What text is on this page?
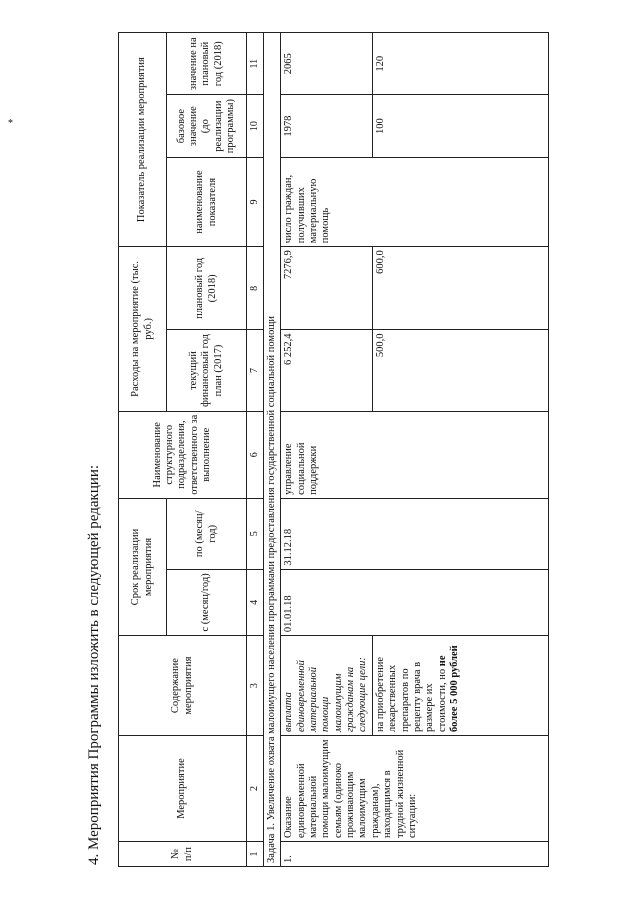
*
4. Мероприятия Программы изложить в следующей редакции:	№ п/п	Мероприятие	Содержание мероприятия	Срок реализации мероприятия		Наименование структурного подразделения, ответственного за выполнение	Расходы на мероприятие (тыс. руб.)		Показатель реализации мероприятия		
			с (месяц/год)	по (месяц/год)		текущий финансовый год план (2017)	плановый год (2018)	наименование показателя	базовое значение (до реализации программы)	значение на плановый год (2018)
1	2	3	4	5	6	7	8	9	10	11
Задача 1. Увеличение охвата малоимущего населения программами предоставления государственной социальной помощи										
1.	Оказание единовременной материальной помощи малоимущим семьям (одиноко проживающим малоимущим гражданам), находящимся в трудной жизненной ситуации:	выплата единовременной материальной помощи малоимущим гражданам на следующие цели:	01.01.18	31.12.18	управление социальной поддержки	6 252,4	7276,9	число граждан, получивших материальную помощь	1978	2065
		на приобретение лекарственных препаратов по рецепту врача в размере их стоимости, но не более 5 000 рублей				500,0	600,0		100	120
